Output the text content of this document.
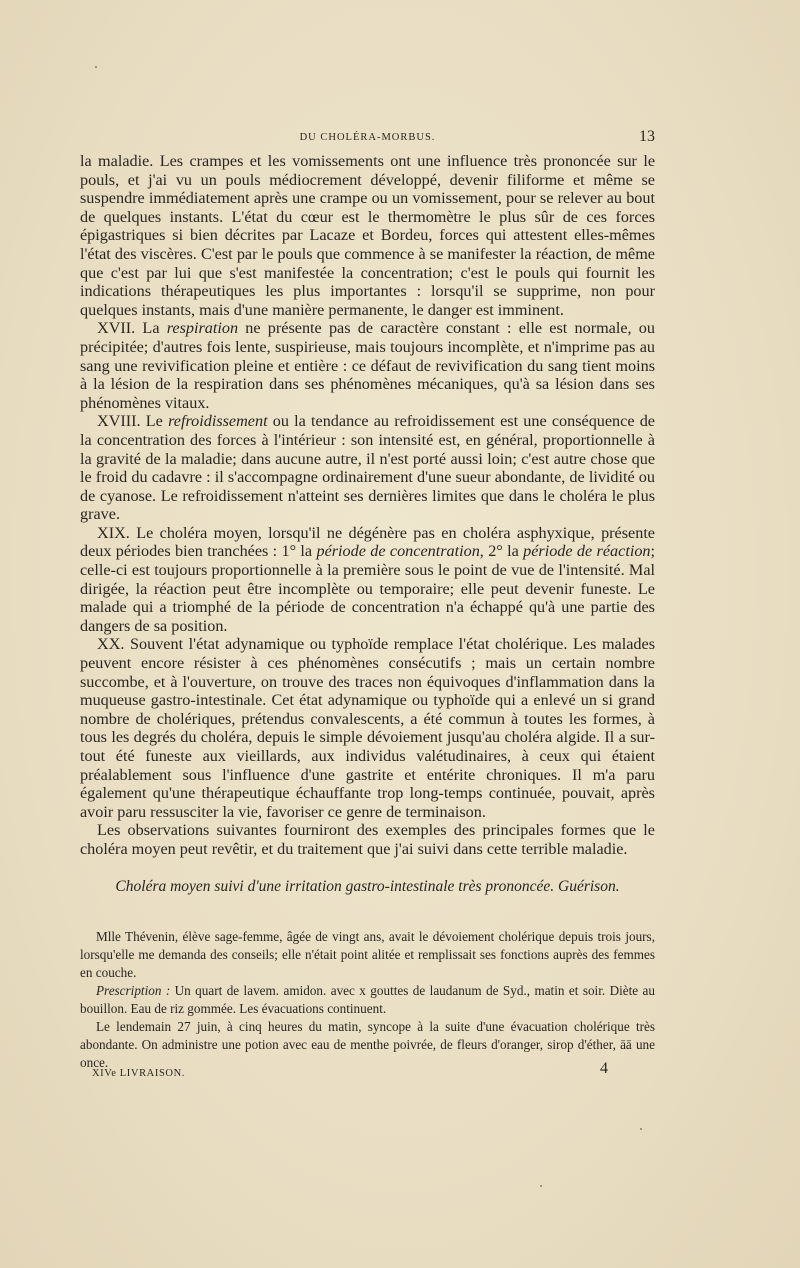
DU CHOLÉRA-MORBUS.	13

la maladie. Les crampes et les vomissements ont une influence très prononcée sur le pouls, et j'ai vu un pouls médiocrement développé, devenir filiforme et même se suspendre immédiatement après une crampe ou un vomissement, pour se relever au bout de quelques instants. L'état du cœur est le thermomètre le plus sûr de ces forces épigastriques si bien décrites par Lacaze et Bordeu, forces qui attestent elles-mêmes l'état des viscères. C'est par le pouls que commence à se manifester la réaction, de même que c'est par lui que s'est manifestée la concentration; c'est le pouls qui fournit les indications thérapeutiques les plus importantes : lorsqu'il se supprime, non pour quelques instants, mais d'une manière permanente, le danger est imminent.

XVII. La respiration ne présente pas de caractère constant : elle est normale, ou précipitée; d'autres fois lente, suspirieuse, mais toujours incomplète, et n'imprime pas au sang une revivification pleine et entière : ce défaut de revivification du sang tient moins à la lésion de la respiration dans ses phénomènes mécaniques, qu'à sa lésion dans ses phénomènes vitaux.

XVIII. Le refroidissement ou la tendance au refroidissement est une conséquence de la concentration des forces à l'intérieur : son intensité est, en général, proportionnelle à la gravité de la maladie; dans aucune autre, il n'est porté aussi loin; c'est autre chose que le froid du cadavre : il s'accompagne ordinairement d'une sueur abondante, de lividité ou de cyanose. Le refroidissement n'atteint ses dernières limites que dans le choléra le plus grave.

XIX. Le choléra moyen, lorsqu'il ne dégénère pas en choléra asphyxique, présente deux périodes bien tranchées : 1° la période de concentration, 2° la période de réaction; celle-ci est toujours proportionnelle à la première sous le point de vue de l'intensité. Mal dirigée, la réaction peut être incomplète ou temporaire; elle peut devenir funeste. Le malade qui a triomphé de la période de concentration n'a échappé qu'à une partie des dangers de sa position.

XX. Souvent l'état adynamique ou typhoïde remplace l'état cholérique. Les malades peuvent encore résister à ces phénomènes consécutifs ; mais un certain nombre succombe, et à l'ouverture, on trouve des traces non équivoques d'inflammation dans la muqueuse gastro-intestinale. Cet état adynamique ou typhoïde qui a enlevé un si grand nombre de cholériques, prétendus convalescents, a été commun à toutes les formes, à tous les degrés du choléra, depuis le simple dévoiement jusqu'au choléra algide. Il a sur-tout été funeste aux vieillards, aux individus valétudinaires, à ceux qui étaient préalablement sous l'influence d'une gastrite et entérite chroniques. Il m'a paru également qu'une thérapeutique échauffante trop long-temps continuée, pouvait, après avoir paru ressusciter la vie, favoriser ce genre de terminaison.

Les observations suivantes fourniront des exemples des principales formes que le choléra moyen peut revêtir, et du traitement que j'ai suivi dans cette terrible maladie.

Choléra moyen suivi d'une irritation gastro-intestinale très prononcée. Guérison.

Mlle Thévenin, élève sage-femme, âgée de vingt ans, avait le dévoiement cholérique depuis trois jours, lorsqu'elle me demanda des conseils; elle n'était point alitée et remplissait ses fonctions auprès des femmes en couche.

Prescription : Un quart de lavem. amidon. avec x gouttes de laudanum de Syd., matin et soir. Diète au bouillon. Eau de riz gommée. Les évacuations continuent.

Le lendemain 27 juin, à cinq heures du matin, syncope à la suite d'une évacuation cholérique très abondante. On administre une potion avec eau de menthe poivrée, de fleurs d'oranger, sirop d'éther, āā une once.

XIVe LIVRAISON.	4
